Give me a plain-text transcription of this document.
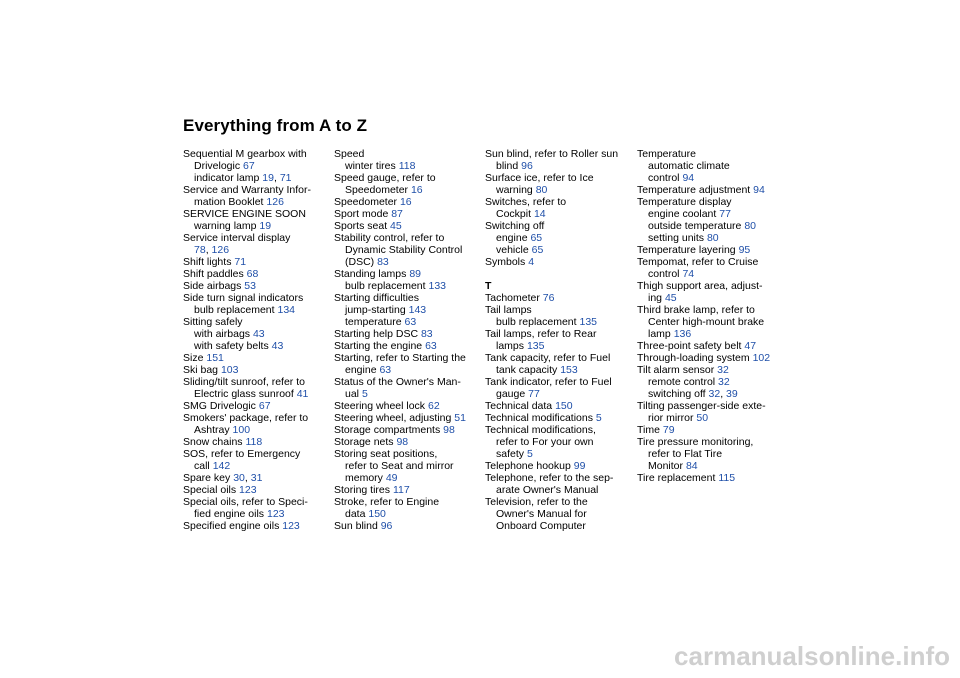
Everything from A to Z
Sequential M gearbox with
Drivelogic 67
indicator lamp 19, 71
Service and Warranty Infor-
mation Booklet 126
SERVICE ENGINE SOON
warning lamp 19
Service interval display
78, 126
Shift lights 71
Shift paddles 68
Side airbags 53
Side turn signal indicators
bulb replacement 134
Sitting safely
with airbags 43
with safety belts 43
Size 151
Ski bag 103
Sliding/tilt sunroof, refer to
Electric glass sunroof 41
SMG Drivelogic 67
Smokers' package, refer to
Ashtray 100
Snow chains 118
SOS, refer to Emergency
call 142
Spare key 30, 31
Special oils 123
Special oils, refer to Speci-
fied engine oils 123
Specified engine oils 123
Speed
winter tires 118
Speed gauge, refer to
Speedometer 16
Speedometer 16
Sport mode 87
Sports seat 45
Stability control, refer to
Dynamic Stability Control
(DSC) 83
Standing lamps 89
bulb replacement 133
Starting difficulties
jump-starting 143
temperature 63
Starting help DSC 83
Starting the engine 63
Starting, refer to Starting the
engine 63
Status of the Owner's Man-
ual 5
Steering wheel lock 62
Steering wheel, adjusting 51
Storage compartments 98
Storage nets 98
Storing seat positions,
refer to Seat and mirror
memory 49
Storing tires 117
Stroke, refer to Engine
data 150
Sun blind 96
Sun blind, refer to Roller sun
blind 96
Surface ice, refer to Ice
warning 80
Switches, refer to
Cockpit 14
Switching off
engine 65
vehicle 65
Symbols 4
T
Tachometer 76
Tail lamps
bulb replacement 135
Tail lamps, refer to Rear
lamps 135
Tank capacity, refer to Fuel
tank capacity 153
Tank indicator, refer to Fuel
gauge 77
Technical data 150
Technical modifications 5
Technical modifications,
refer to For your own
safety 5
Telephone hookup 99
Telephone, refer to the sep-
arate Owner's Manual
Television, refer to the
Owner's Manual for
Onboard Computer
Temperature
automatic climate
control 94
Temperature adjustment 94
Temperature display
engine coolant 77
outside temperature 80
setting units 80
Temperature layering 95
Tempomat, refer to Cruise
control 74
Thigh support area, adjust-
ing 45
Third brake lamp, refer to
Center high-mount brake
lamp 136
Three-point safety belt 47
Through-loading system 102
Tilt alarm sensor 32
remote control 32
switching off 32, 39
Tilting passenger-side exte-
rior mirror 50
Time 79
Tire pressure monitoring,
refer to Flat Tire
Monitor 84
Tire replacement 115
carmanualsonline.info
